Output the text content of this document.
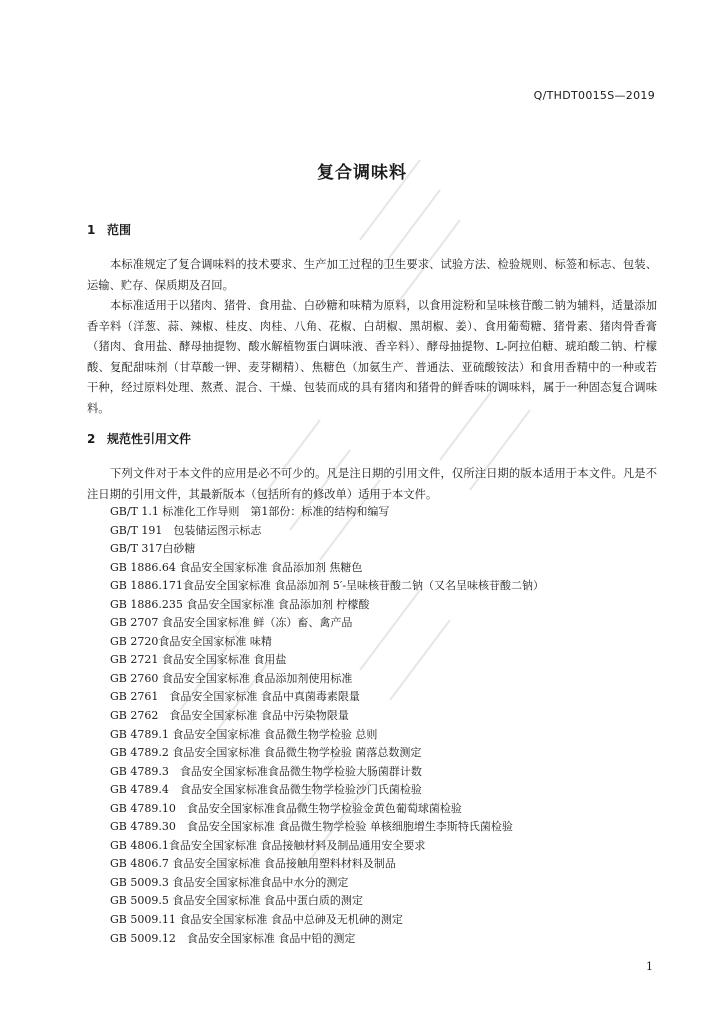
Q/THDT0015S—2019
复合调味料
1 范围

本标准规定了复合调味料的技术要求、生产加工过程的卫生要求、试验方法、检验规则、标签和标志、包装、运输、贮存、保质期及召回。

本标准适用于以猪肉、猪骨、食用盐、白砂糖和味精为原料，以食用淀粉和呈味核苷酸二钠为辅料，适量添加香辛料（洋葱、蒜、辣椒、桂皮、肉桂、八角、花椒、白胡椒、黑胡椒、姜）、食用葡萄糖、猪骨素、猪肉骨香膏（猪肉、食用盐、酵母抽提物、酸水解植物蛋白调味液、香辛料）、酵母抽提物、L-阿拉伯糖、琥珀酸二钠、柠檬酸、复配甜味剂（甘草酸一钾、麦芽糊精）、焦糖色（加氨生产、普通法、亚硫酸铵法）和食用香精中的一种或若干种，经过原料处理、熬煮、混合、干燥、包装而成的具有猪肉和猪骨的鲜香味的调味料，属于一种固态复合调味料。

2 规范性引用文件

下列文件对于本文件的应用是必不可少的。凡是注日期的引用文件，仅所注日期的版本适用于本文件。凡是不注日期的引用文件，其最新版本（包括所有的修改单）适用于本文件。

GB/T 1.1 标准化工作导则　第1部份：标准的结构和编写
GB/T 191　包装储运图示标志
GB/T 317白砂糖
GB 1886.64 食品安全国家标准 食品添加剂 焦糖色
GB 1886.171食品安全国家标准 食品添加剂 5′-呈味核苷酸二钠（又名呈味核苷酸二钠）
GB 1886.235 食品安全国家标准 食品添加剂 柠檬酸
GB 2707 食品安全国家标准 鲜（冻）畜、禽产品
GB 2720食品安全国家标准 味精
GB 2721 食品安全国家标准 食用盐
GB 2760 食品安全国家标准 食品添加剂使用标准
GB 2761　食品安全国家标准 食品中真菌毒素限量
GB 2762　食品安全国家标准 食品中污染物限量
GB 4789.1 食品安全国家标准 食品微生物学检验 总则
GB 4789.2 食品安全国家标准 食品微生物学检验 菌落总数测定
GB 4789.3　食品安全国家标准食品微生物学检验大肠菌群计数
GB 4789.4　食品安全国家标准食品微生物学检验沙门氏菌检验
GB 4789.10　食品安全国家标准食品微生物学检验金黄色葡萄球菌检验
GB 4789.30　食品安全国家标准 食品微生物学检验 单核细胞增生李斯特氏菌检验
GB 4806.1食品安全国家标准 食品接触材料及制品通用安全要求
GB 4806.7 食品安全国家标准 食品接触用塑料材料及制品
GB 5009.3 食品安全国家标准食品中水分的测定
GB 5009.5 食品安全国家标准 食品中蛋白质的测定
GB 5009.11 食品安全国家标准 食品中总砷及无机砷的测定
GB 5009.12　食品安全国家标准 食品中铅的测定
1
